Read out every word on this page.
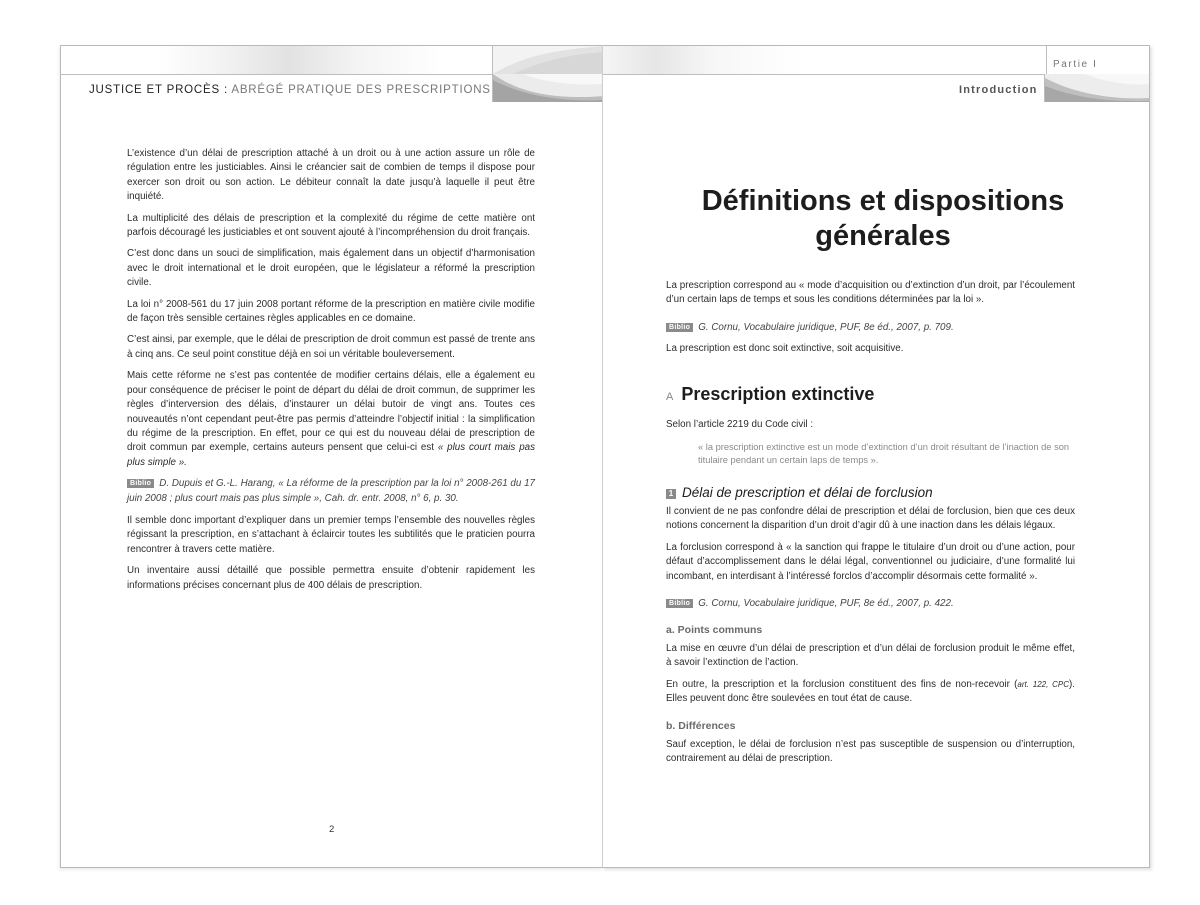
JUSTICE ET PROCÈS : ABRÉGÉ PRATIQUE DES PRESCRIPTIONS

L’existence d’un délai de prescription attaché à un droit ou à une action assure un rôle de régulation entre les justiciables. Ainsi le créancier sait de combien de temps il dispose pour exercer son droit ou son action. Le débiteur connaît la date jusqu’à laquelle il peut être inquiété.

La multiplicité des délais de prescription et la complexité du régime de cette matière ont parfois découragé les justiciables et ont souvent ajouté à l’incompréhension du droit français.

C’est donc dans un souci de simplification, mais également dans un objectif d’harmonisation avec le droit international et le droit européen, que le législateur a réformé la prescription civile.

La loi n° 2008-561 du 17 juin 2008 portant réforme de la prescription en matière civile modifie de façon très sensible certaines règles applicables en ce domaine.

C’est ainsi, par exemple, que le délai de prescription de droit commun est passé de trente ans à cinq ans. Ce seul point constitue déjà en soi un véritable bouleversement.

Mais cette réforme ne s’est pas contentée de modifier certains délais, elle a également eu pour conséquence de préciser le point de départ du délai de droit commun, de supprimer les règles d’interversion des délais, d’instaurer un délai butoir de vingt ans. Toutes ces nouveautés n’ont cependant peut-être pas permis d’atteindre l’objectif initial : la simplification du régime de la prescription. En effet, pour ce qui est du nouveau délai de prescription de droit commun par exemple, certains auteurs pensent que celui-ci est « plus court mais pas plus simple ».

Biblio D. Dupuis et G.-L. Harang, « La réforme de la prescription par la loi n° 2008-261 du 17 juin 2008 ; plus court mais pas plus simple », Cah. dr. entr. 2008, n° 6, p. 30.

Il semble donc important d’expliquer dans un premier temps l’ensemble des nouvelles règles régissant la prescription, en s’attachant à éclaircir toutes les subtilités que le praticien pourra rencontrer à travers cette matière.

Un inventaire aussi détaillé que possible permettra ensuite d’obtenir rapidement les informations précises concernant plus de 400 délais de prescription.

2
Partie I
Introduction
Définitions et dispositions générales
La prescription correspond au « mode d’acquisition ou d’extinction d’un droit, par l’écoulement d’un certain laps de temps et sous les conditions déterminées par la loi ».
Biblio G. Cornu, Vocabulaire juridique, PUF, 8e éd., 2007, p. 709.
La prescription est donc soit extinctive, soit acquisitive.
A Prescription extinctive
Selon l’article 2219 du Code civil :
« la prescription extinctive est un mode d’extinction d’un droit résultant de l’inaction de son titulaire pendant un certain laps de temps ».
1 Délai de prescription et délai de forclusion
Il convient de ne pas confondre délai de prescription et délai de forclusion, bien que ces deux notions concernent la disparition d’un droit d’agir dû à une inaction dans les délais légaux.
La forclusion correspond à « la sanction qui frappe le titulaire d’un droit ou d’une action, pour défaut d’accomplissement dans le délai légal, conventionnel ou judiciaire, d’une formalité lui incombant, en interdisant à l’intéressé forclos d’accomplir désormais cette formalité ».
Biblio G. Cornu, Vocabulaire juridique, PUF, 8e éd., 2007, p. 422.
a. Points communs
La mise en œuvre d’un délai de prescription et d’un délai de forclusion produit le même effet, à savoir l’extinction de l’action.
En outre, la prescription et la forclusion constituent des fins de non-recevoir (art. 122, CPC). Elles peuvent donc être soulevées en tout état de cause.
b. Différences
Sauf exception, le délai de forclusion n’est pas susceptible de suspension ou d’interruption, contrairement au délai de prescription.
